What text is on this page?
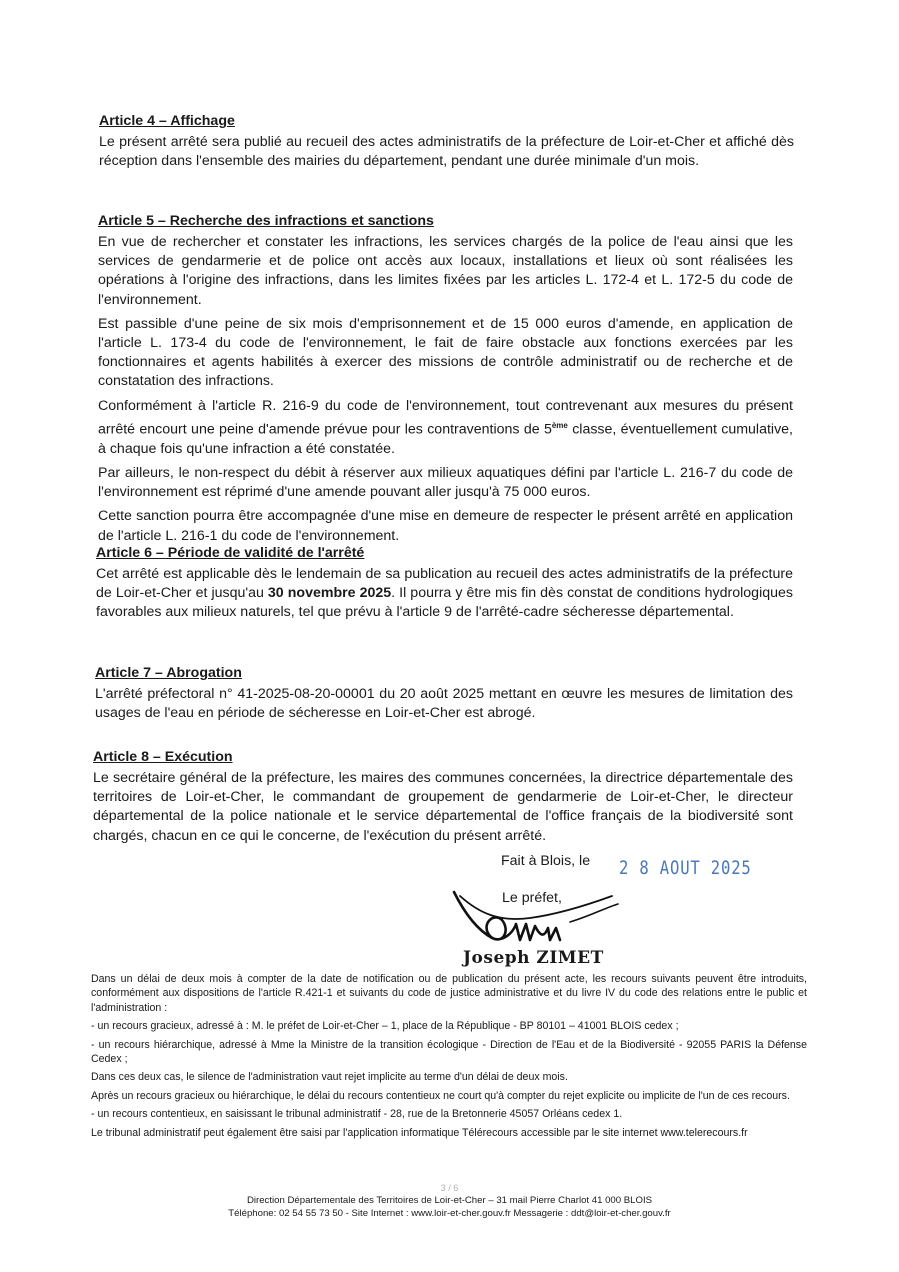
Article 4 – Affichage

Le présent arrêté sera publié au recueil des actes administratifs de la préfecture de Loir-et-Cher et affiché dès réception dans l'ensemble des mairies du département, pendant une durée minimale d'un mois.

Article 5 – Recherche des infractions et sanctions

En vue de rechercher et constater les infractions, les services chargés de la police de l'eau ainsi que les services de gendarmerie et de police ont accès aux locaux, installations et lieux où sont réalisées les opérations à l'origine des infractions, dans les limites fixées par les articles L. 172-4 et L. 172-5 du code de l'environnement.

Est passible d'une peine de six mois d'emprisonnement et de 15 000 euros d'amende, en application de l'article L. 173-4 du code de l'environnement, le fait de faire obstacle aux fonctions exercées par les fonctionnaires et agents habilités à exercer des missions de contrôle administratif ou de recherche et de constatation des infractions.

Conformément à l'article R. 216-9 du code de l'environnement, tout contrevenant aux mesures du présent arrêté encourt une peine d'amende prévue pour les contraventions de 5ème classe, éventuellement cumulative, à chaque fois qu'une infraction a été constatée.

Par ailleurs, le non-respect du débit à réserver aux milieux aquatiques défini par l'article L. 216-7 du code de l'environnement est réprimé d'une amende pouvant aller jusqu'à 75 000 euros.

Cette sanction pourra être accompagnée d'une mise en demeure de respecter le présent arrêté en application de l'article L. 216-1 du code de l'environnement.

Article 6 – Période de validité de l'arrêté

Cet arrêté est applicable dès le lendemain de sa publication au recueil des actes administratifs de la préfecture de Loir-et-Cher et jusqu'au 30 novembre 2025. Il pourra y être mis fin dès constat de conditions hydrologiques favorables aux milieux naturels, tel que prévu à l'article 9 de l'arrêté-cadre sécheresse départemental.

Article 7 – Abrogation

L'arrêté préfectoral n° 41-2025-08-20-00001 du 20 août 2025 mettant en œuvre les mesures de limitation des usages de l'eau en période de sécheresse en Loir-et-Cher est abrogé.

Article 8 – Exécution

Le secrétaire général de la préfecture, les maires des communes concernées, la directrice départementale des territoires de Loir-et-Cher, le commandant de groupement de gendarmerie de Loir-et-Cher, le directeur départemental de la police nationale et le service départemental de l'office français de la biodiversité sont chargés, chacun en ce qui le concerne, de l'exécution du présent arrêté.

Fait à Blois, le 2 8 AOUT 2025
Le préfet,
Joseph ZIMET

Dans un délai de deux mois à compter de la date de notification ou de publication du présent acte, les recours suivants peuvent être introduits, conformément aux dispositions de l'article R.421-1 et suivants du code de justice administrative et du livre IV du code des relations entre le public et l'administration :

- un recours gracieux, adressé à : M. le préfet de Loir-et-Cher – 1, place de la République - BP 80101 – 41001 BLOIS cedex ;

- un recours hiérarchique, adressé à Mme la Ministre de la transition écologique - Direction de l'Eau et de la Biodiversité - 92055 PARIS la Défense Cedex ;

Dans ces deux cas, le silence de l'administration vaut rejet implicite au terme d'un délai de deux mois.

Après un recours gracieux ou hiérarchique, le délai du recours contentieux ne court qu'à compter du rejet explicite ou implicite de l'un de ces recours.

- un recours contentieux, en saisissant le tribunal administratif - 28, rue de la Bretonnerie 45057 Orléans cedex 1.

Le tribunal administratif peut également être saisi par l'application informatique Télérecours accessible par le site internet www.telerecours.fr

3 / 6
Direction Départementale des Territoires de Loir-et-Cher – 31 mail Pierre Charlot 41 000 BLOIS
Téléphone: 02 54 55 73 50 - Site Internet : www.loir-et-cher.gouv.fr Messagerie : ddt@loir-et-cher.gouv.fr
